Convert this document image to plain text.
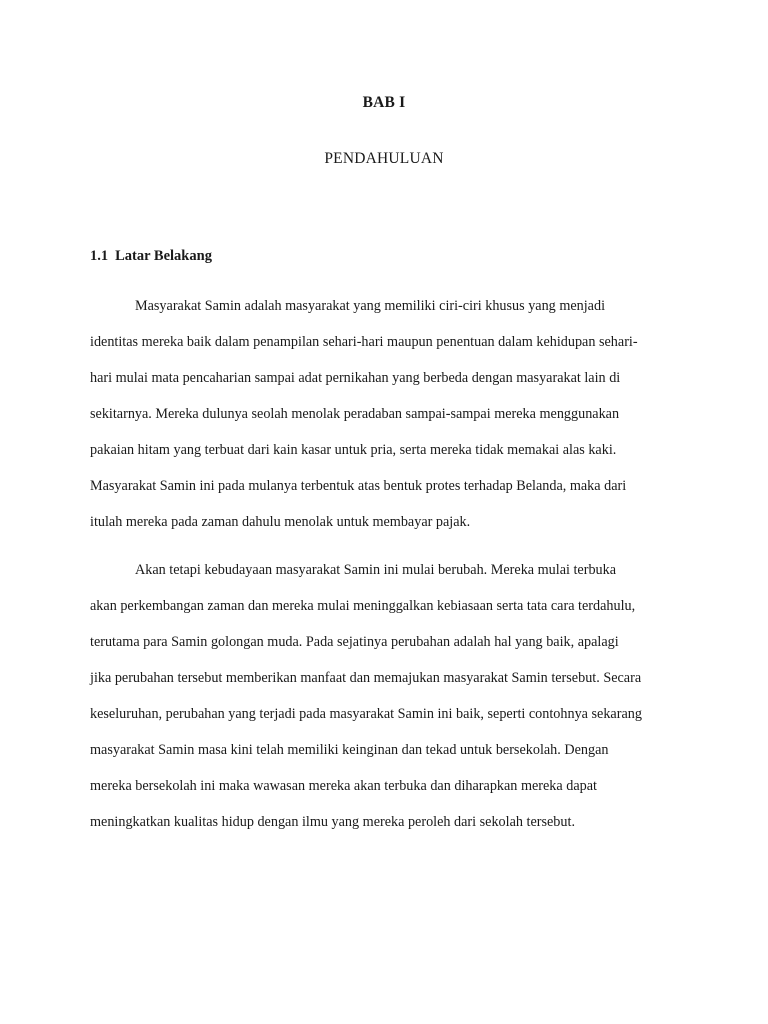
BAB I
PENDAHULUAN
1.1 Latar Belakang
Masyarakat Samin adalah masyarakat yang memiliki ciri-ciri khusus yang menjadi
identitas mereka baik dalam penampilan sehari-hari maupun penentuan dalam kehidupan sehari-
hari mulai mata pencaharian sampai adat pernikahan yang berbeda dengan masyarakat lain di
sekitarnya. Mereka dulunya seolah menolak peradaban sampai-sampai mereka menggunakan
pakaian hitam yang terbuat dari kain kasar untuk pria, serta mereka tidak memakai alas kaki.
Masyarakat Samin ini pada mulanya terbentuk atas bentuk protes terhadap Belanda, maka dari
itulah mereka pada zaman dahulu menolak untuk membayar pajak.
Akan tetapi kebudayaan masyarakat Samin ini mulai berubah. Mereka mulai terbuka
akan perkembangan zaman dan mereka mulai meninggalkan kebiasaan serta tata cara terdahulu,
terutama para Samin golongan muda. Pada sejatinya perubahan adalah hal yang baik, apalagi
jika perubahan tersebut memberikan manfaat dan memajukan masyarakat Samin tersebut. Secara
keseluruhan, perubahan yang terjadi pada masyarakat Samin ini baik, seperti contohnya sekarang
masyarakat Samin masa kini telah memiliki keinginan dan tekad untuk bersekolah. Dengan
mereka bersekolah ini maka wawasan mereka akan terbuka dan diharapkan mereka dapat
meningkatkan kualitas hidup dengan ilmu yang mereka peroleh dari sekolah tersebut.
